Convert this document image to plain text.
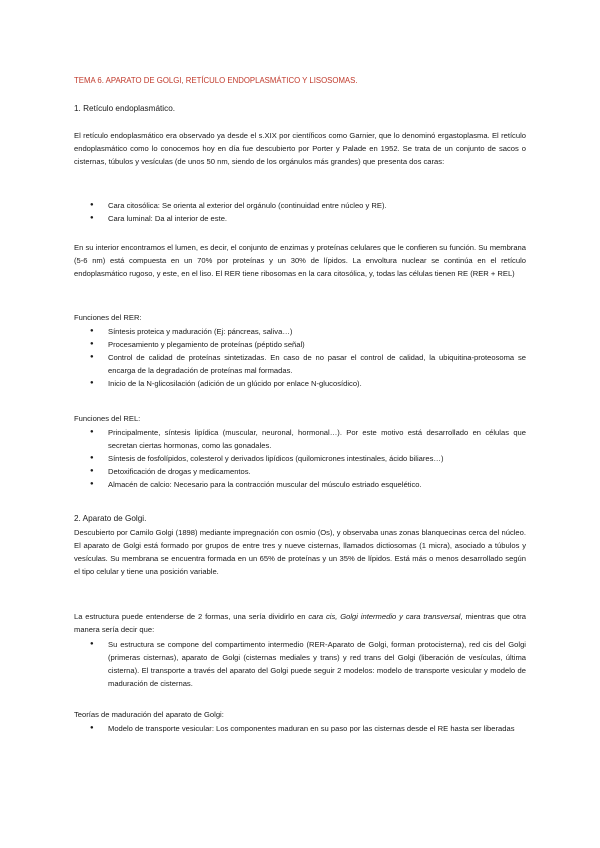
TEMA 6. APARATO DE GOLGI, RETÍCULO ENDOPLASMÁTICO Y LISOSOMAS.

1. Retículo endoplasmático.

El retículo endoplasmático era observado ya desde el s.XIX por científicos como Garnier, que lo denominó ergastoplasma. El retículo endoplasmático como lo conocemos hoy en día fue descubierto por Porter y Palade en 1952. Se trata de un conjunto de sacos o cisternas, túbulos y vesículas (de unos 50 nm, siendo de los orgánulos más grandes) que presenta dos caras:

● Cara citosólica: Se orienta al exterior del orgánulo (continuidad entre núcleo y RE).
● Cara luminal: Da al interior de este.

En su interior encontramos el lumen, es decir, el conjunto de enzimas y proteínas celulares que le confieren su función. Su membrana (5-6 nm) está compuesta en un 70% por proteínas y un 30% de lípidos. La envoltura nuclear se continúa en el retículo endoplasmático rugoso, y este, en el liso. El RER tiene ribosomas en la cara citosólica, y, todas las células tienen RE (RER + REL)

Funciones del RER:

● Síntesis proteica y maduración (Ej: páncreas, saliva…)
● Procesamiento y plegamiento de proteínas (péptido señal)
● Control de calidad de proteínas sintetizadas. En caso de no pasar el control de calidad, la ubiquitina-proteosoma se encarga de la degradación de proteínas mal formadas.
● Inicio de la N-glicosilación (adición de un glúcido por enlace N-glucosídico).

Funciones del REL:

● Principalmente, síntesis lipídica (muscular, neuronal, hormonal…). Por este motivo está desarrollado en células que secretan ciertas hormonas, como las gonadales.
● Síntesis de fosfolípidos, colesterol y derivados lipídicos (quilomicrones intestinales, ácido biliares…)
● Detoxificación de drogas y medicamentos.
● Almacén de calcio: Necesario para la contracción muscular del músculo estriado esquelético.

2. Aparato de Golgi.

Descubierto por Camilo Golgi (1898) mediante impregnación con osmio (Os), y observaba unas zonas blanquecinas cerca del núcleo. El aparato de Golgi está formado por grupos de entre tres y nueve cisternas, llamados dictiosomas (1 micra), asociado a túbulos y vesículas. Su membrana se encuentra formada en un 65% de proteínas y un 35% de lípidos. Está más o menos desarrollado según el tipo celular y tiene una posición variable.

La estructura puede entenderse de 2 formas, una sería dividirlo en cara cis, Golgi intermedio y cara transversal, mientras que otra manera sería decir que:

● Su estructura se compone del compartimento intermedio (RER-Aparato de Golgi, forman protocisterna), red cis del Golgi (primeras cisternas), aparato de Golgi (cisternas mediales y trans) y red trans del Golgi (liberación de vesículas, última cisterna). El transporte a través del aparato del Golgi puede seguir 2 modelos: modelo de transporte vesicular y modelo de maduración de cisternas.

Teorías de maduración del aparato de Golgi:

● Modelo de transporte vesicular: Los componentes maduran en su paso por las cisternas desde el RE hasta ser liberadas
